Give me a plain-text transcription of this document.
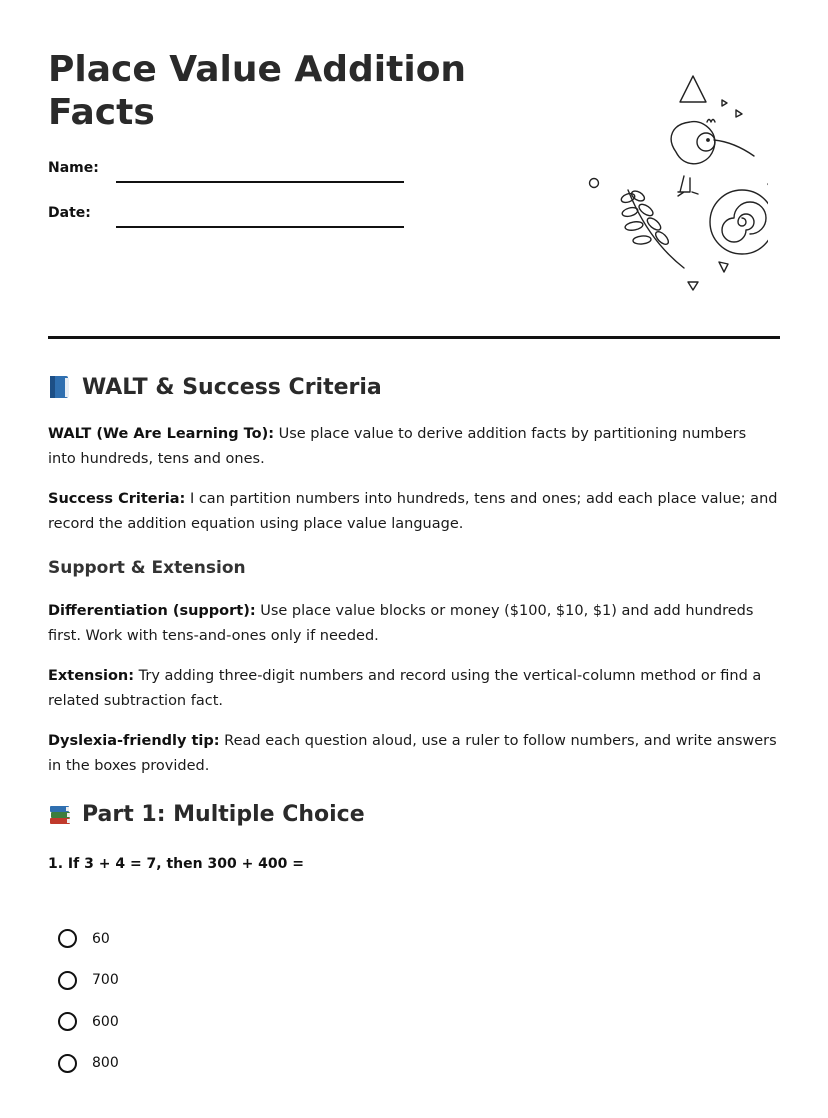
Place Value Addition Facts
Name:
Date:
WALT & Success Criteria

WALT (We Are Learning To): Use place value to derive addition facts by partitioning numbers into hundreds, tens and ones.

Success Criteria: I can partition numbers into hundreds, tens and ones; add each place value; and record the addition equation using place value language.

Support & Extension

Differentiation (support): Use place value blocks or money ($100, $10, $1) and add hundreds first. Work with tens-and-ones only if needed.

Extension: Try adding three-digit numbers and record using the vertical-column method or find a related subtraction fact.

Dyslexia-friendly tip: Read each question aloud, use a ruler to follow numbers, and write answers in the boxes provided.

Part 1: Multiple Choice
1. If 3 + 4 = 7, then 300 + 400 =
60
700
600
800
